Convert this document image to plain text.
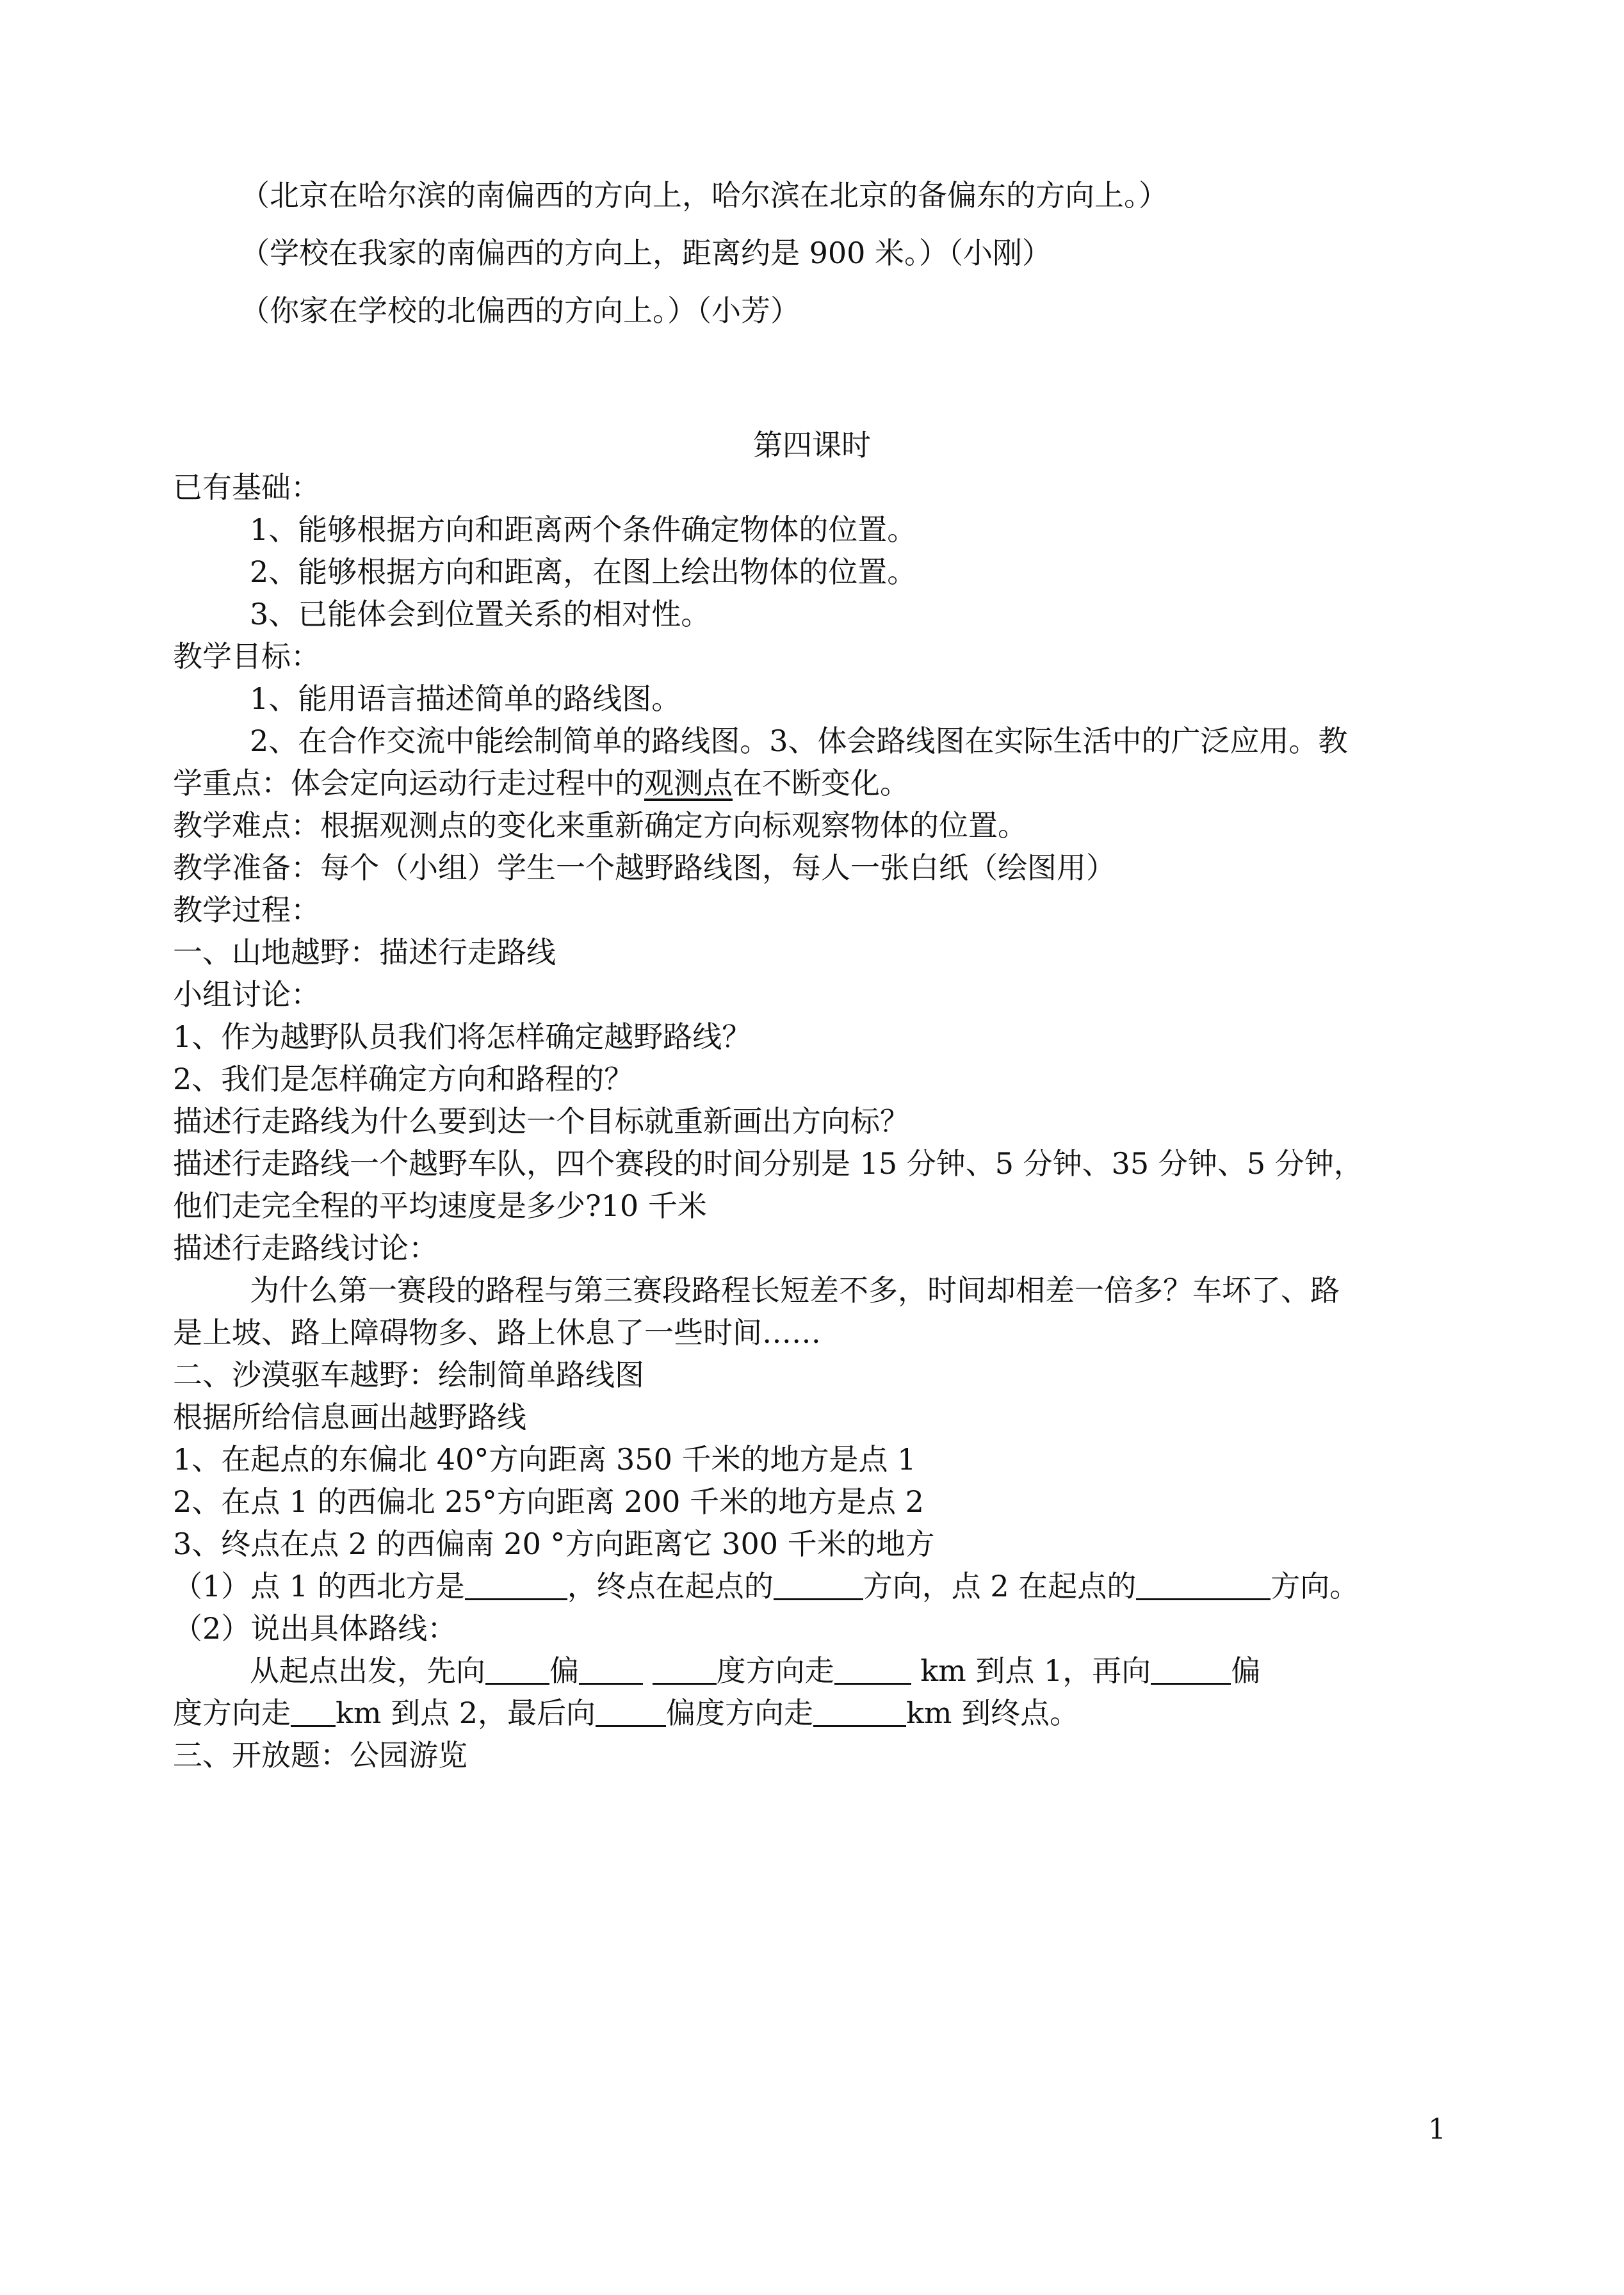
（北京在哈尔滨的南偏西的方向上，哈尔滨在北京的备偏东的方向上。）
（学校在我家的南偏西的方向上，距离约是 900 米。）（小刚）
（你家在学校的北偏西的方向上。）（小芳）
第四课时
已有基础：
1、能够根据方向和距离两个条件确定物体的位置。
2、能够根据方向和距离，在图上绘出物体的位置。
3、已能体会到位置关系的相对性。
教学目标：
1、能用语言描述简单的路线图。
2、在合作交流中能绘制简单的路线图。3、体会路线图在实际生活中的广泛应用。教
学重点：体会定向运动行走过程中的观测点在不断变化。
教学难点：根据观测点的变化来重新确定方向标观察物体的位置。
教学准备：每个（小组）学生一个越野路线图，每人一张白纸（绘图用）
教学过程：
一、山地越野：描述行走路线
小组讨论：
1、作为越野队员我们将怎样确定越野路线？
2、我们是怎样确定方向和路程的？
描述行走路线为什么要到达一个目标就重新画出方向标？
描述行走路线一个越野车队，四个赛段的时间分别是 15 分钟、5 分钟、35 分钟、5 分钟，
他们走完全程的平均速度是多少?10 千米
描述行走路线讨论：
为什么第一赛段的路程与第三赛段路程长短差不多，时间却相差一倍多？车坏了、路
是上坡、路上障碍物多、路上休息了一些时间……
二、沙漠驱车越野：绘制简单路线图
根据所给信息画出越野路线
1、在起点的东偏北 40°方向距离 350 千米的地方是点 1
2、在点 1 的西偏北 25°方向距离 200 千米的地方是点 2
3、终点在点 2 的西偏南 20 °方向距离它 300 千米的地方
（1）点 1 的西北方是	，终点在起点的	方向，点 2 在起点的	方向。
（2）说出具体路线：
从起点出发，先向 偏	度方向走	km 到点 1，再向	偏
度方向走 km 到点 2，最后向 偏度方向走	km 到终点。
三、开放题：公园游览
1
